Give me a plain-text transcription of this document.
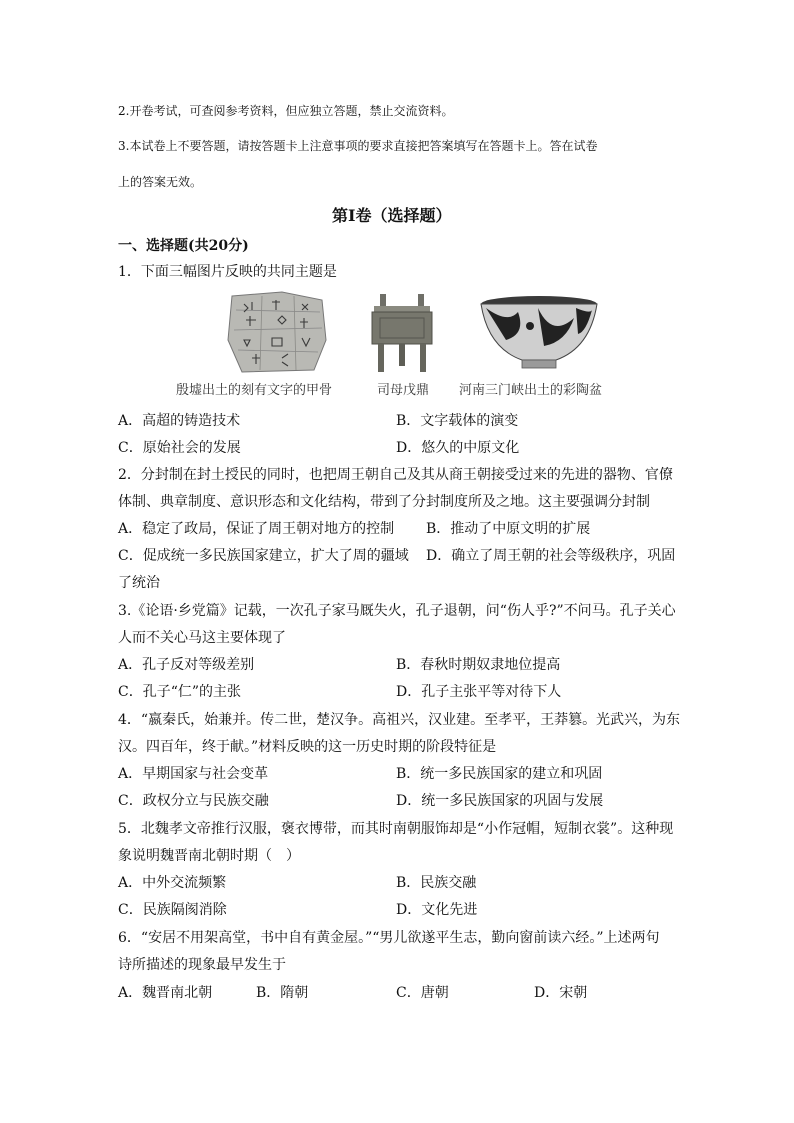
2.开卷考试，可查阅参考资料，但应独立答题，禁止交流资料。
3.本试卷上不要答题，请按答题卡上注意事项的要求直接把答案填写在答题卡上。答在试卷
上的答案无效。
第Ⅰ卷（选择题）
一、选择题(共20分)
1．下面三幅图片反映的共同主题是
殷墟出土的刻有文字的甲骨	司母戊鼎 河南三门峡出土的彩陶盆
A．高超的铸造技术	B．文字载体的演变
C．原始社会的发展	D．悠久的中原文化
2．分封制在封土授民的同时，也把周王朝自己及其从商王朝接受过来的先进的器物、官僚
体制、典章制度、意识形态和文化结构，带到了分封制度所及之地。这主要强调分封制
A．稳定了政局，保证了周王朝对地方的控制 B．推动了中原文明的扩展
C．促成统一多民族国家建立，扩大了周的疆域 D．确立了周王朝的社会等级秩序，巩固
了统治
3.《论语·乡党篇》记载，一次孔子家马厩失火，孔子退朝，问“伤人乎?”不问马。孔子关心
人而不关心马这主要体现了
A．孔子反对等级差别	B．春秋时期奴隶地位提高
C．孔子“仁”的主张	D．孔子主张平等对待下人
4．“嬴秦氏，始兼并。传二世，楚汉争。高祖兴，汉业建。至孝平，王莽篡。光武兴，为东
汉。四百年，终于献。”材料反映的这一历史时期的阶段特征是
A．早期国家与社会变革	B．统一多民族国家的建立和巩固
C．政权分立与民族交融	D．统一多民族国家的巩固与发展
5．北魏孝文帝推行汉服，褒衣博带，而其时南朝服饰却是“小作冠帽，短制衣裳”。这种现
象说明魏晋南北朝时期（　）
A．中外交流频繁	B．民族交融
C．民族隔阂消除	D．文化先进
6．“安居不用架高堂，书中自有黄金屋。”“男儿欲遂平生志，勤向窗前读六经。”上述两句
诗所描述的现象最早发生于
A．魏晋南北朝	B．隋朝	C．唐朝	D．宋朝
